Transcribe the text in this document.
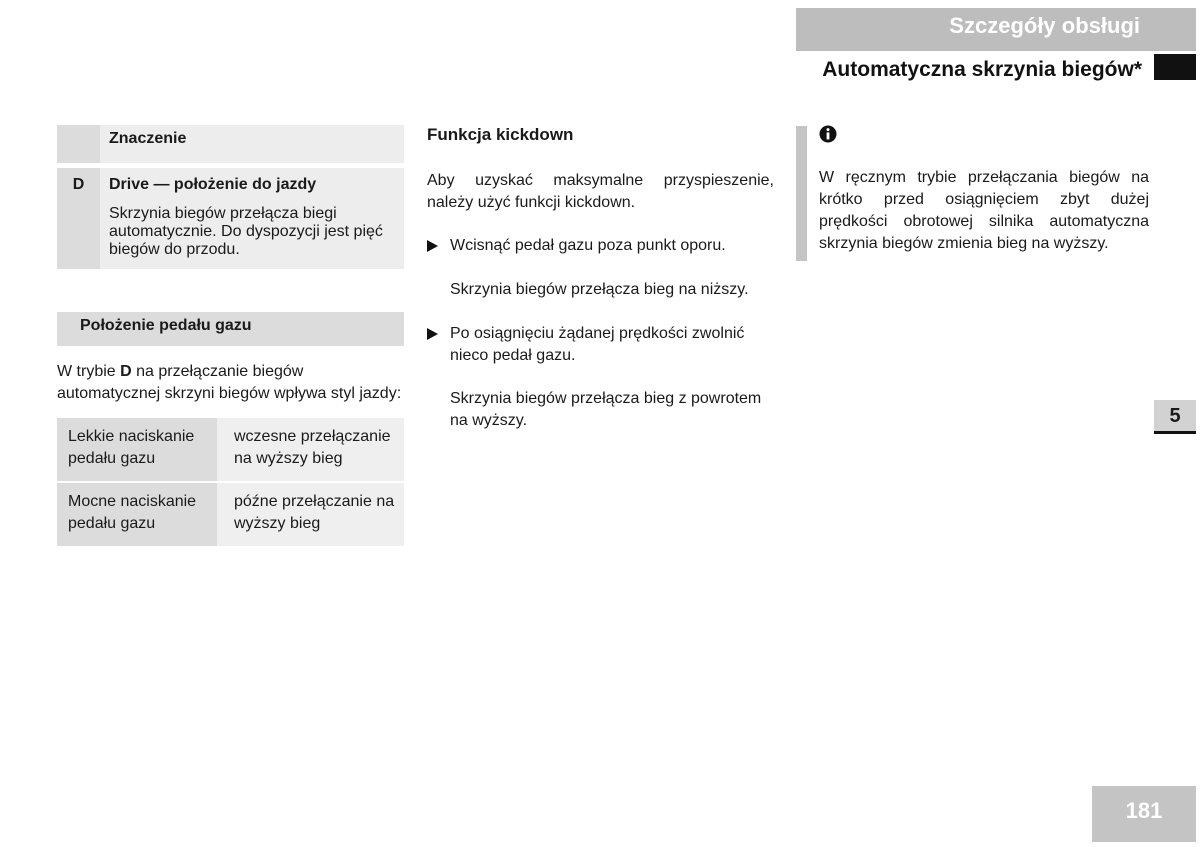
Szczegóły obsługi
Automatyczna skrzynia biegów*
Znaczenie
D	Drive — położenie do jazdy
Skrzynia biegów przełącza biegi automatycznie. Do dyspozycji jest pięć biegów do przodu.
Położenie pedału gazu
W trybie D na przełączanie biegów automatycznej skrzyni biegów wpływa styl jazdy:
Lekkie naciskanie pedału gazu
wczesne przełączanie na wyższy bieg
Mocne naciskanie pedału gazu
późne przełączanie na wyższy bieg
Funkcja kickdown
Aby uzyskać maksymalne przyspieszenie, należy użyć funkcji kickdown.
Wcisnąć pedał gazu poza punkt oporu.
Skrzynia biegów przełącza bieg na niższy.
Po osiągnięciu żądanej prędkości zwolnić nieco pedał gazu.
Skrzynia biegów przełącza bieg z powrotem na wyższy.
W ręcznym trybie przełączania biegów na krótko przed osiągnięciem zbyt dużej prędkości obrotowej silnika automatyczna skrzynia biegów zmienia bieg na wyższy.
5
181
